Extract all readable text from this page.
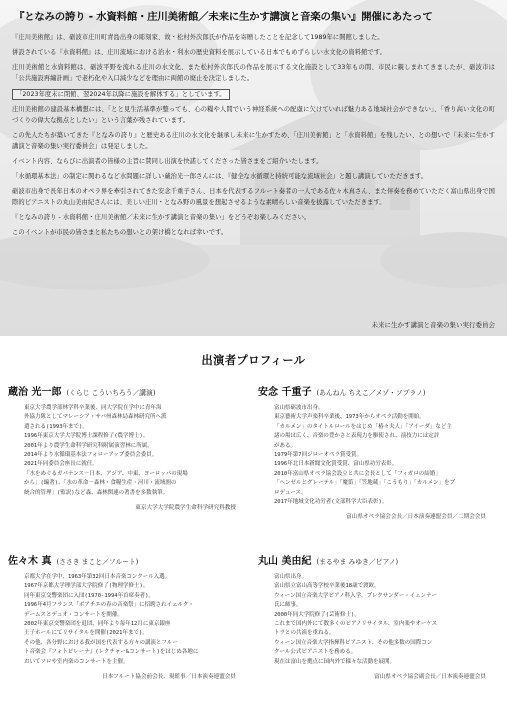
『となみの誇り - 水資料館・庄川美術館／未来に生かす講演と音楽の集い』開催にあたって

『庄川美術館』は、砺波市庄川町青島出身の彫刻家、故・松村外次郎氏が作品を寄贈したことを記念して1989年に開館しました。

併設されている『水資料館』は、庄川流域における治水・利水の歴史資料を展示している日本でもめずらしい水文化の資料館です。

庄川美術館と水資料館は、砺波平野を流れる庄川の水文化、また松村外次郎氏の作品を展示する文化施設として33年もの間、市民に親しまれてきましたが、砺波市は「公共施設再編計画」で老朽化や入口減少などを理由に両館の廃止を決定しました。

「2023年度末に閉館、翌2024年以降に施設を解体する」としています。

庄川美術館の建設基本構想には、「とと見生活基準が整っても、心の糧や人間でいう神経系統への配慮に欠けていれば魅力ある地域社会ができない」、「香り高い文化の町づくりの偉大な拠点としたい」という言葉が残されています。

この先人たちが築いてきた『となみの誇り』と歴史ある庄川の水文化を継承し未来に生かすため、「庄川美術館」と「水資料館」を残したい、との想いで『未来に生かす講演と音楽の集い実行委員会』は発足しました。

イベント内容、ならびに出演者の皆様の主旨に賛同し出演を快諾してくださった皆さまをご紹介いたします。

「水循環基本法」の制定に関わるなど水問題に詳しい蔵治光一郎さんには、『健全な水循環と持続可能な流域社会』と題し講演していただきます。

砺波市出身で長年日本のオペラ界を牽引されてきた安念千重子さん、日本を代表するフルート奏者の一人である佐々木真さん、また伴奏を務めていただく富山県出身で国際的ピアニストの丸山美由紀さんには、美しい庄川・となみ野の風景を想起させるような素晴らしい音楽を披露していただきます。

『となみの誇り - 水資料館・庄川美術館／未来に生かす講演と音楽の集い』をどうぞお楽しみください。

このイベントが市民の皆さまと私たちの想いとの架け橋となれば幸いです。

未来に生かす講演と音楽の集い実行委員会
出演者プロフィール
蔵治 光一郎 (くらじ こういちろう／講演)
東京大学農学部林学科卒業後、同大学院在学中に青年海
外協力隊としてマレーシア・サバ州森林局森林研究所へ派
遣される(1993年まで)。
1996年東京大学大学院博士課程修了(農学博士)。
2001年より農学生命科学研究科附属演習林に所属。
2014年より水循環基本法フォローアップ委員会委員。
2021年同委員会座長に就任。
「水をめぐるガバナンス－日本、アジア、中東、ヨーロッパの現場
から」(編著)、「水の革命－森林・食糧生産・河川・流域圏の
統合的管理」(監訳)など森、森林関連の著書を多数執筆。
東京大学大学院農学生命科学研究科教授
安念 千重子 (あんねん ちえこ／メゾ・ソプラノ)
富山県砺波市出身。
東京藝術大学声楽科卒業後、1973年からオペラ活動を開始。
「カルメン」のタイトルロールをはじめ「椿々夫人」「アイーダ」など主
諸の場は広く、音楽の豊かさと表現力を駆使され、演技力には定評
がある。
1979年第7回ジローオペラ賞受賞。
1996年北日本新聞文化賞受賞、富山県功労表彰。
2010年富山県オペラ協会設立と共に会長として「フィガロの結婚」
「ヘンゼルとグレーテル」「魔笛」「笠地蔵」「こうもり」「カルメン」をプ
ロデュース。
2017年地域文化功労者(文部科学大臣表彰)。
富山県オペラ協会会長／日本演奏連盟会員／二期会会員
佐々木 真 (ささき まこと／フルート)
京都大学在学中、1963年第32回日本音楽コンクール入選。
1967年京都大学理学部大学院修了(物理学修士)。
同年東京交響楽団に入団(1970-1994年首席奏者)。
1996年4月フランス「ボアチエの春の音楽祭」に招聘されイェルク・
デームスとデュオ・コンサートを開催。
2002年東京交響楽団を退団、同年より毎年12月に東京銀座
王子ホールにてリサイタルを開催(2021年まで)。
その他、各分野における我が国を代表する方々の講演とフルー
ト音楽会『フォトピレーナ』(レクチャー&コンサート)をはじめ各地に
おいてソロや室内楽のコンサートを主催。
日本フルート協会前会長、現監事／日本演奏連盟会員
丸山 美由紀 (まるやま みゆき／ピアノ)
富山県出身。
富山県立富山高等学校卒業後18歳で渡欧。
ウィーン国立音楽大学ピアノ科入学。プレクサンダー・イェンナー
氏に師事。
2000年同大学院修了(芸術修士)。
これまで国内外にて数多くのピアノリサイタル、室内楽やオーケス
トラとの共演を重ねる。
ウィーン国立音楽大学指揮科ピアニスト、その他多数の国際コン
クール公式ピアニストを務める。
現在は富山を拠点に国内外で様々な活動を展開。
富山県オペラ協会副会長／日本演奏連盟会員
